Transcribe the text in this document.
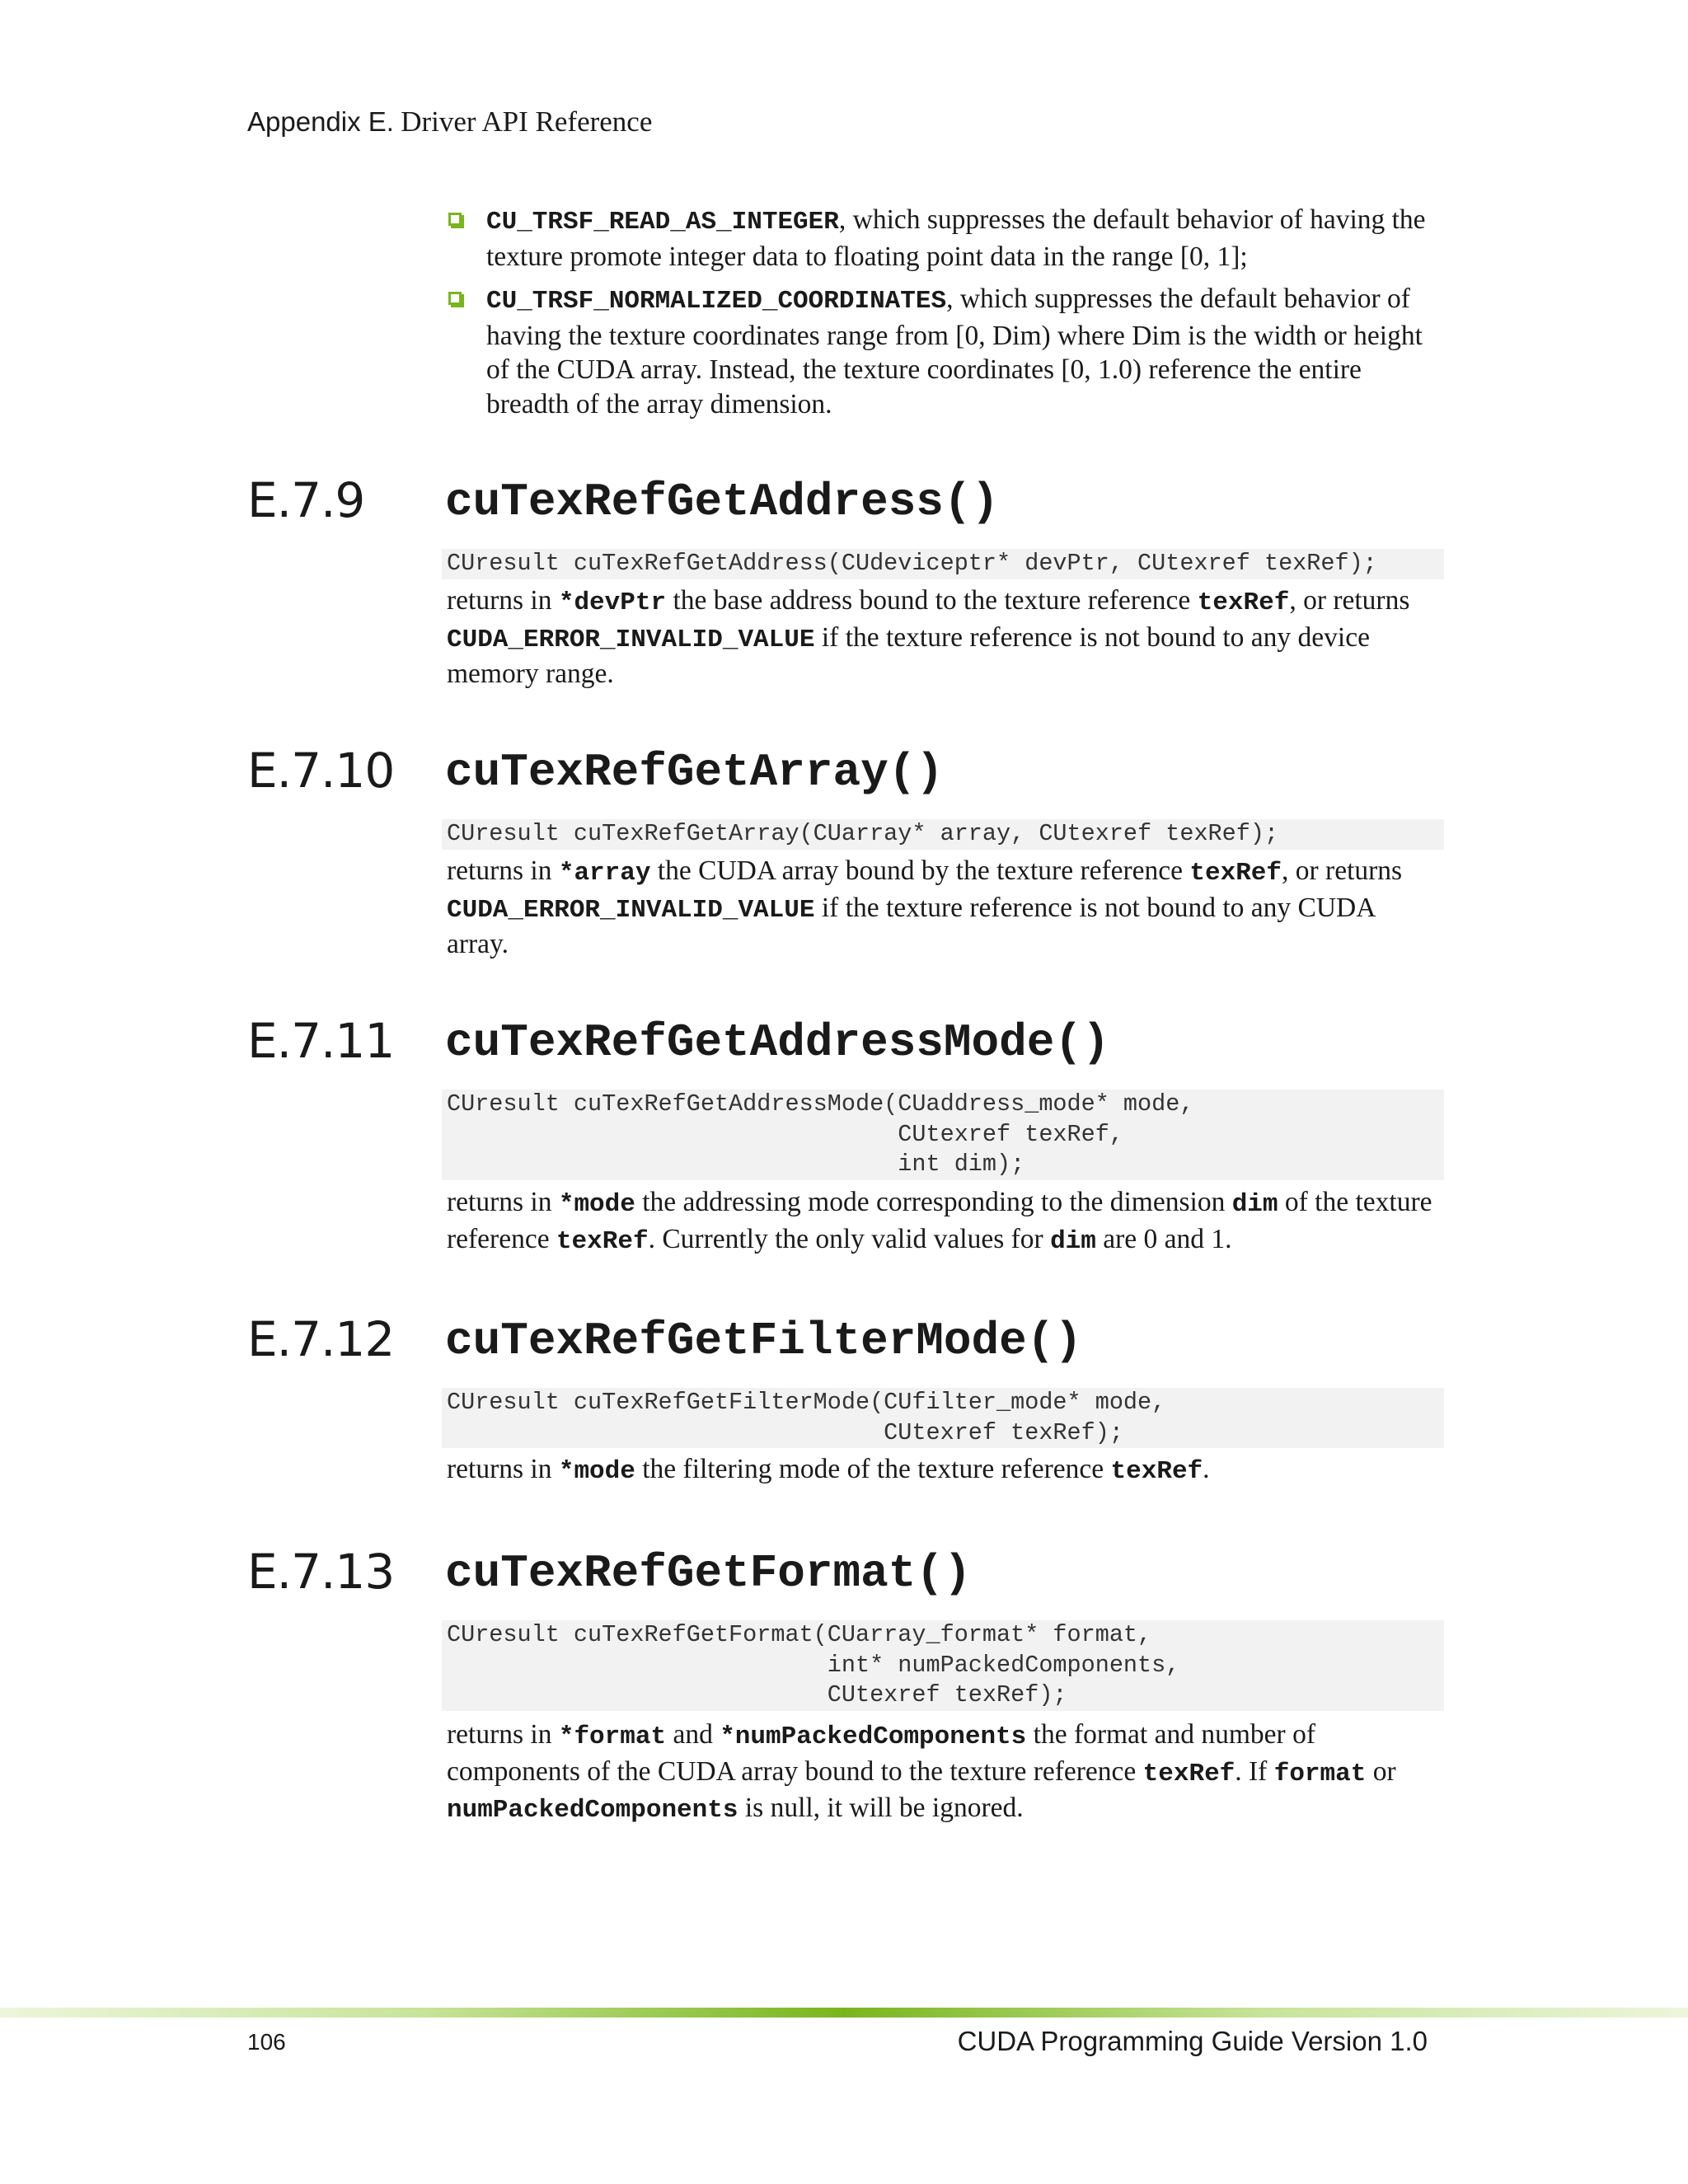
Appendix E. Driver API Reference
CU_TRSF_READ_AS_INTEGER, which suppresses the default behavior of having the texture promote integer data to floating point data in the range [0, 1];
CU_TRSF_NORMALIZED_COORDINATES, which suppresses the default behavior of having the texture coordinates range from [0, Dim) where Dim is the width or height of the CUDA array. Instead, the texture coordinates [0, 1.0) reference the entire breadth of the array dimension.
E.7.9 cuTexRefGetAddress()
CUresult cuTexRefGetAddress(CUdeviceptr* devPtr, CUtexref texRef);
returns in *devPtr the base address bound to the texture reference texRef, or returns CUDA_ERROR_INVALID_VALUE if the texture reference is not bound to any device memory range.
E.7.10 cuTexRefGetArray()
CUresult cuTexRefGetArray(CUarray* array, CUtexref texRef);
returns in *array the CUDA array bound by the texture reference texRef, or returns CUDA_ERROR_INVALID_VALUE if the texture reference is not bound to any CUDA array.
E.7.11 cuTexRefGetAddressMode()
CUresult cuTexRefGetAddressMode(CUaddress_mode* mode,
CUtexref texRef,
int dim);
returns in *mode the addressing mode corresponding to the dimension dim of the texture reference texRef. Currently the only valid values for dim are 0 and 1.
E.7.12 cuTexRefGetFilterMode()
CUresult cuTexRefGetFilterMode(CUfilter_mode* mode,
CUtexref texRef);
returns in *mode the filtering mode of the texture reference texRef.
E.7.13 cuTexRefGetFormat()
CUresult cuTexRefGetFormat(CUarray_format* format,
int* numPackedComponents,
CUtexref texRef);
returns in *format and *numPackedComponents the format and number of components of the CUDA array bound to the texture reference texRef. If format or numPackedComponents is null, it will be ignored.
106	CUDA Programming Guide Version 1.0
